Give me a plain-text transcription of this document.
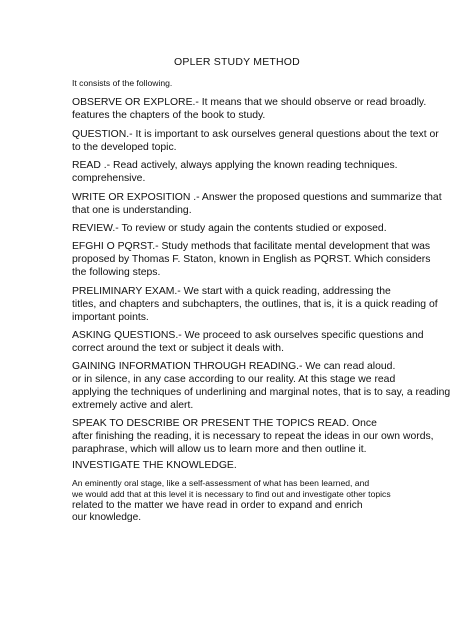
OPLER STUDY METHOD
It consists of the following.
OBSERVE OR EXPLORE.- It means that we should observe or read broadly.
features the chapters of the book to study.
QUESTION.- It is important to ask ourselves general questions about the text or
to the developed topic.
READ .- Read actively, always applying the known reading techniques.
comprehensive.
WRITE OR EXPOSITION .- Answer the proposed questions and summarize that
that one is understanding.
REVIEW.- To review or study again the contents studied or exposed.
EFGHI O PQRST.- Study methods that facilitate mental development that was
proposed by Thomas F. Staton, known in English as PQRST. Which considers
the following steps.
PRELIMINARY EXAM.- We start with a quick reading, addressing the
titles, and chapters and subchapters, the outlines, that is, it is a quick reading of
important points.
ASKING QUESTIONS.- We proceed to ask ourselves specific questions and
correct around the text or subject it deals with.
GAINING INFORMATION THROUGH READING.- We can read aloud.
or in silence, in any case according to our reality. At this stage we read
applying the techniques of underlining and marginal notes, that is to say, a reading
extremely active and alert.
SPEAK TO DESCRIBE OR PRESENT THE TOPICS READ. Once
after finishing the reading, it is necessary to repeat the ideas in our own words,
paraphrase, which will allow us to learn more and then outline it.
INVESTIGATE THE KNOWLEDGE.
An eminently oral stage, like a self-assessment of what has been learned, and
we would add that at this level it is necessary to find out and investigate other topics
related to the matter we have read in order to expand and enrich
our knowledge.
